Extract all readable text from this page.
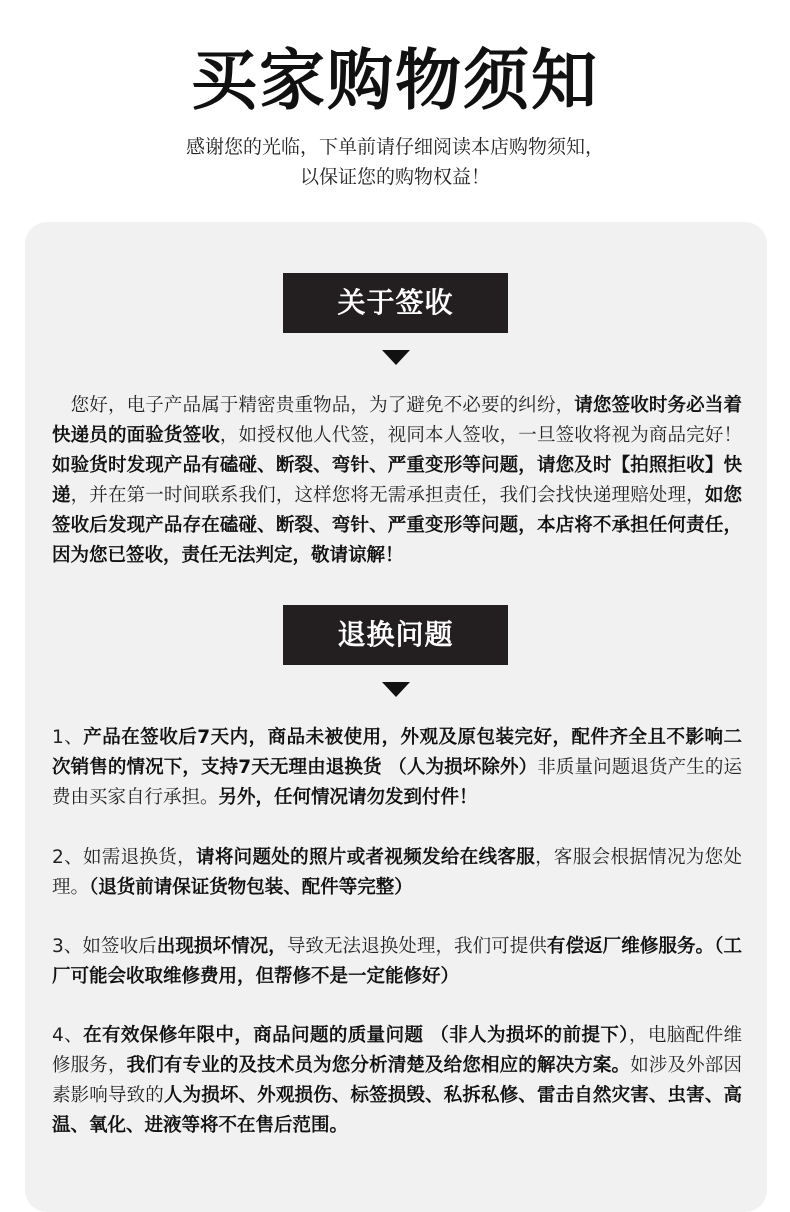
买家购物须知
感谢您的光临，下单前请仔细阅读本店购物须知，
以保证您的购物权益！
关于签收
　您好，电子产品属于精密贵重物品，为了避免不必要的纠纷，请您签收时务必当着快递员的面验货签收，如授权他人代签，视同本人签收，一旦签收将视为商品完好！如验货时发现产品有磕碰、断裂、弯针、严重变形等问题，请您及时【拍照拒收】快递，并在第一时间联系我们，这样您将无需承担责任，我们会找快递理赔处理，如您签收后发现产品存在磕碰、断裂、弯针、严重变形等问题，本店将不承担任何责任，因为您已签收，责任无法判定，敬请谅解！
退换问题
1、产品在签收后7天内，商品未被使用，外观及原包装完好，配件齐全且不影响二次销售的情况下，支持7天无理由退换货 （人为损坏除外）非质量问题退货产生的运费由买家自行承担。另外，任何情况请勿发到付件！
2、如需退换货，请将问题处的照片或者视频发给在线客服，客服会根据情况为您处理。（退货前请保证货物包装、配件等完整）
3、如签收后出现损坏情况，导致无法退换处理，我们可提供有偿返厂维修服务。（工厂可能会收取维修费用，但帮修不是一定能修好）
4、在有效保修年限中，商品问题的质量问题 （非人为损坏的前提下），电脑配件维修服务，我们有专业的及技术员为您分析清楚及给您相应的解决方案。如涉及外部因素影响导致的人为损坏、外观损伤、标签损毁、私拆私修、雷击自然灾害、虫害、高温、氧化、进液等将不在售后范围。
